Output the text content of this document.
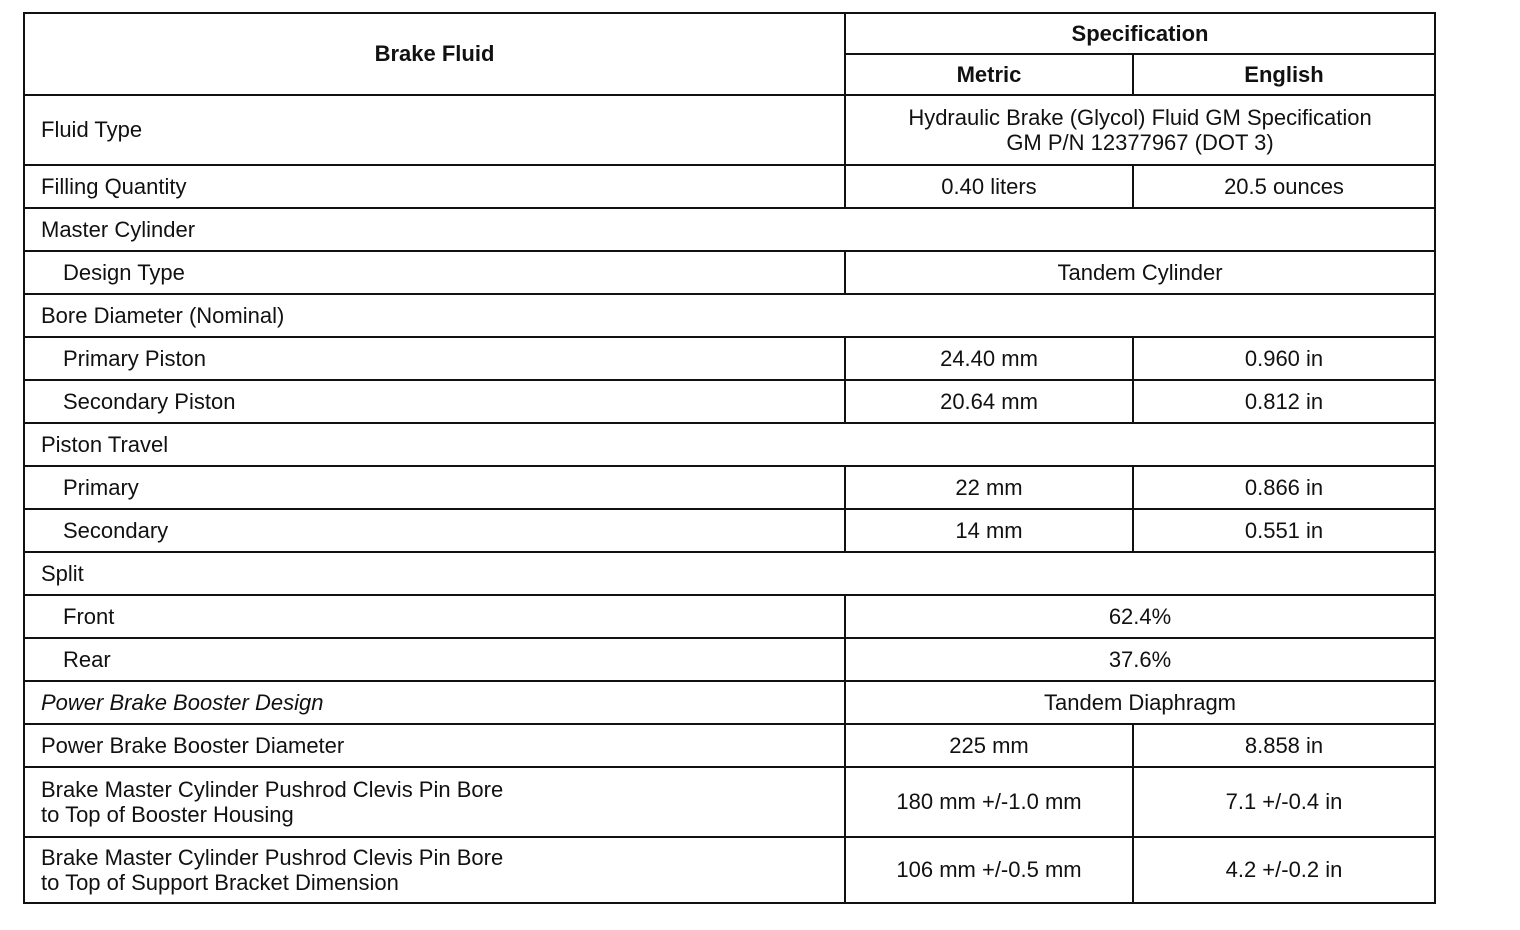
Brake Fluid	Specification	
	Metric	English
Fluid Type	Hydraulic Brake (Glycol) Fluid GM Specification
GM P/N 12377967 (DOT 3)	

Filling Quantity	0.40 liters	20.5 ounces
Master Cylinder		
Design Type	Tandem Cylinder	
Bore Diameter (Nominal)		
Primary Piston	24.40 mm	0.960 in
Secondary Piston	20.64 mm	0.812 in
Piston Travel		
Primary	22 mm	0.866 in
Secondary	14 mm	0.551 in
Split		
Front	62.4%	
Rear	37.6%	
Power Brake Booster Design	Tandem Diaphragm	
Power Brake Booster Diameter	225 mm	8.858 in

Brake Master Cylinder Pushrod Clevis Pin Bore
to Top of Booster Housing	180 mm +/-1.0 mm	7.1 +/-0.4 in

Brake Master Cylinder Pushrod Clevis Pin Bore
to Top of Support Bracket Dimension	106 mm +/-0.5 mm	4.2 +/-0.2 in
